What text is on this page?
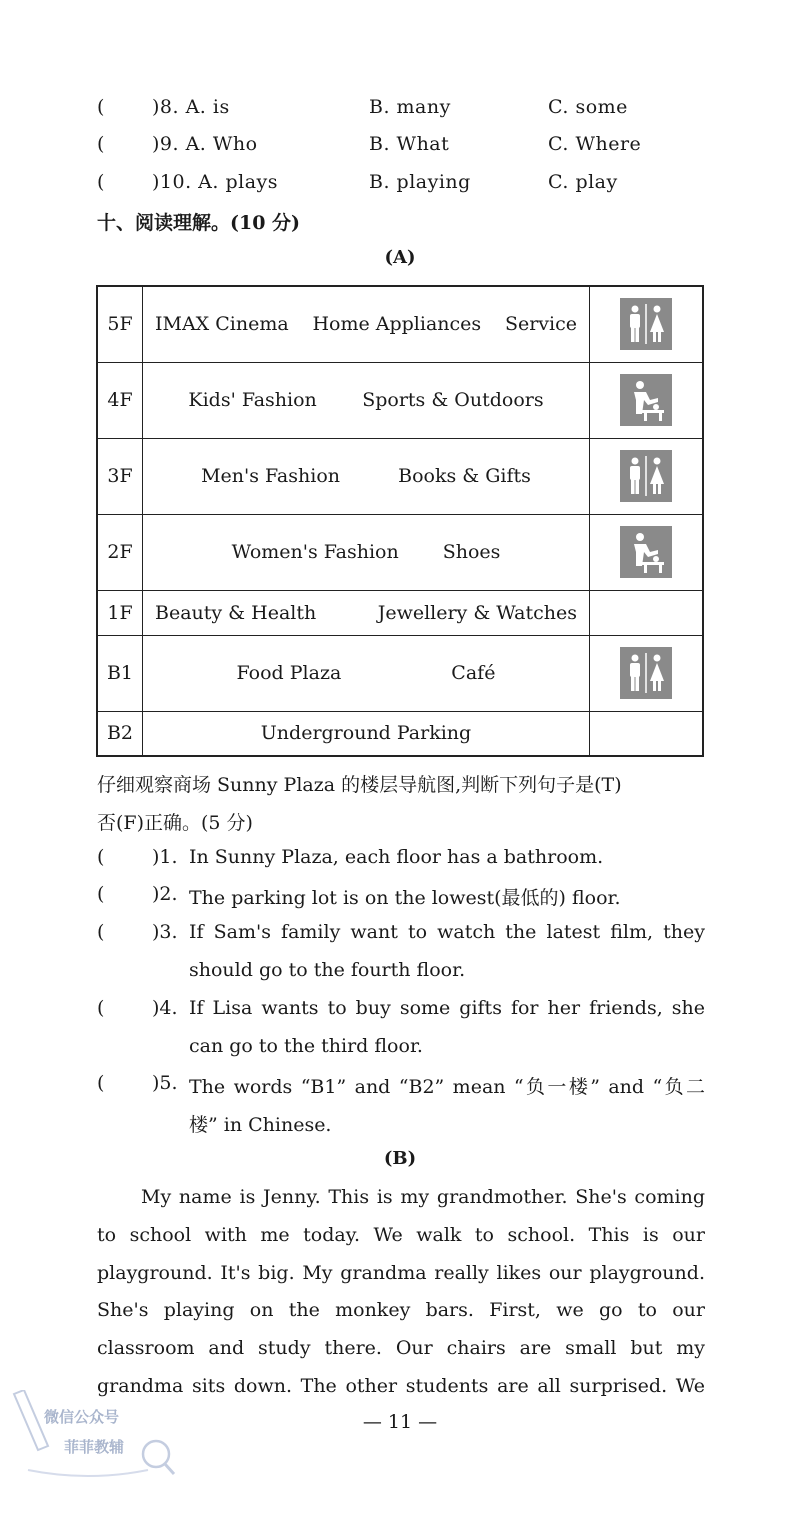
( )8. A. is	B. many	C. some
( )9. A. Who	B. What	C. Where
( )10. A. plays	B. playing	C. play
十、阅读理解。(10 分)
(A)
5F	IMAX Cinema Home Appliances Service

4F	Kids' Fashion Sports & Outdoors

3F	Men's Fashion Books & Gifts

2F	Women's Fashion Shoes

1F	Beauty & Health Jewellery & Watches	

B1	Food Plaza Café

B2	Underground Parking	

仔细观察商场 Sunny Plaza 的楼层导航图,判断下列句子是(T)
否(F)正确。(5 分)
(	)1. In Sunny Plaza, each floor has a bathroom.
(	)2. The parking lot is on the lowest(最低的) floor.
(	)3. If Sam's family want to watch the latest film, they
should go to the fourth floor.
(	)4. If Lisa wants to buy some gifts for her friends, she
can go to the third floor.
(	)5. The words “B1” and “B2” mean “负一楼” and “负二
楼” in Chinese.
(B)
My name is Jenny. This is my grandmother. She's coming
to school with me today. We walk to school. This is our
playground. It's big. My grandma really likes our playground.
She's playing on the monkey bars. First, we go to our
classroom and study there. Our chairs are small but my
grandma sits down. The other students are all surprised. We
— 11 —
微信公众号
菲菲教辅
